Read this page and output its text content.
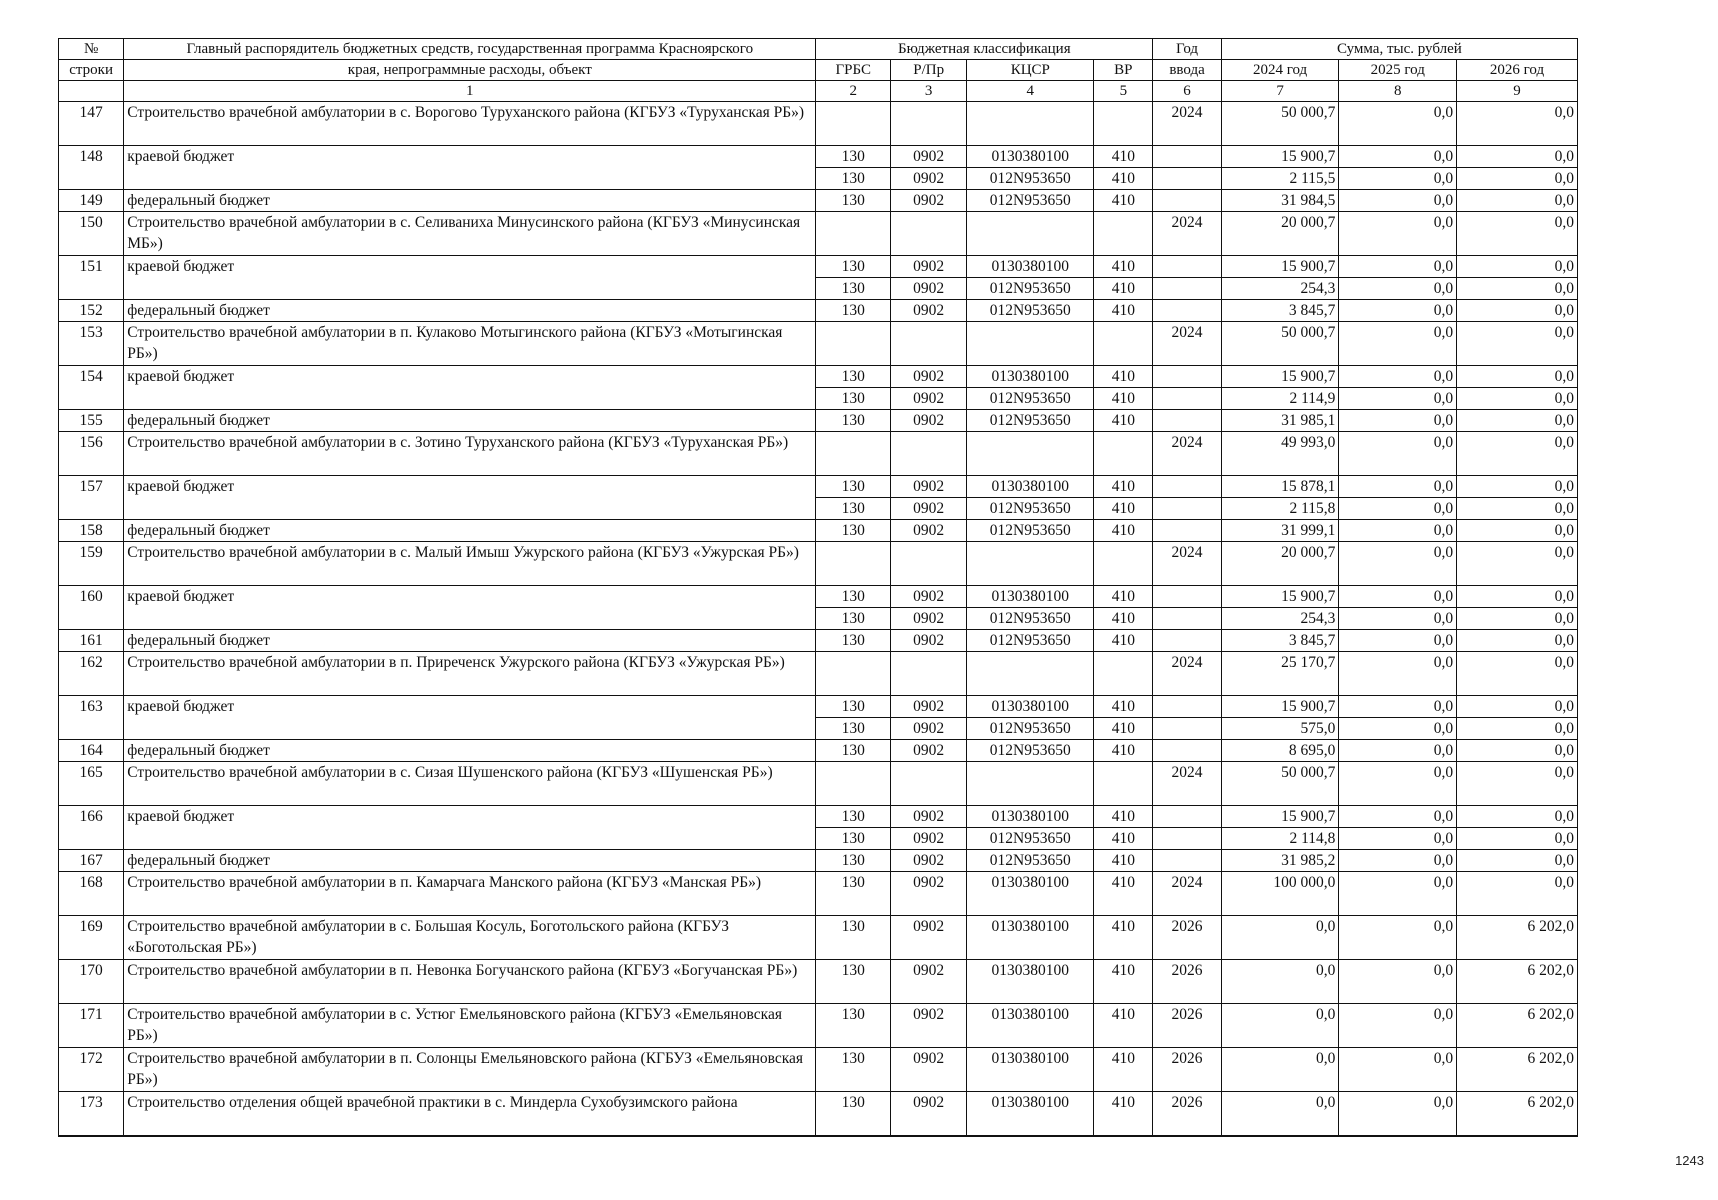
№	Главный распорядитель бюджетных средств, государственная программа Красноярского	Бюджетная классификация				Год	Сумма, тыс. рублей		
строки	края, непрограммные расходы, объект	ГРБС	Р/Пр	КЦСР	ВР	ввода	2024 год	2025 год	2026 год
	1	2	3	4	5	6	7	8	9
147	Строительство врачебной амбулатории в с. Ворогово Туруханского района (КГБУЗ «Туруханская РБ»)					2024	50 000,7	0,0	0,0
148	краевой бюджет	130	0902	0130380100	410		15 900,7	0,0	0,0
		130	0902	012N953650	410		2 115,5	0,0	0,0
149	федеральный бюджет	130	0902	012N953650	410		31 984,5	0,0	0,0
150	Строительство врачебной амбулатории в с. Селиваниха Минусинского района (КГБУЗ «Минусинская МБ»)					2024	20 000,7	0,0	0,0
151	краевой бюджет	130	0902	0130380100	410		15 900,7	0,0	0,0
		130	0902	012N953650	410		254,3	0,0	0,0
152	федеральный бюджет	130	0902	012N953650	410		3 845,7	0,0	0,0
153	Строительство врачебной амбулатории в п. Кулаково Мотыгинского района (КГБУЗ «Мотыгинская РБ»)					2024	50 000,7	0,0	0,0
154	краевой бюджет	130	0902	0130380100	410		15 900,7	0,0	0,0
		130	0902	012N953650	410		2 114,9	0,0	0,0
155	федеральный бюджет	130	0902	012N953650	410		31 985,1	0,0	0,0
156	Строительство врачебной амбулатории в с. Зотино Туруханского района (КГБУЗ «Туруханская РБ»)					2024	49 993,0	0,0	0,0
157	краевой бюджет	130	0902	0130380100	410		15 878,1	0,0	0,0
		130	0902	012N953650	410		2 115,8	0,0	0,0
158	федеральный бюджет	130	0902	012N953650	410		31 999,1	0,0	0,0
159	Строительство врачебной амбулатории в с. Малый Имыш Ужурского района (КГБУЗ «Ужурская РБ»)					2024	20 000,7	0,0	0,0
160	краевой бюджет	130	0902	0130380100	410		15 900,7	0,0	0,0
		130	0902	012N953650	410		254,3	0,0	0,0
161	федеральный бюджет	130	0902	012N953650	410		3 845,7	0,0	0,0
162	Строительство врачебной амбулатории в п. Приреченск Ужурского района (КГБУЗ «Ужурская РБ»)					2024	25 170,7	0,0	0,0
163	краевой бюджет	130	0902	0130380100	410		15 900,7	0,0	0,0
		130	0902	012N953650	410		575,0	0,0	0,0
164	федеральный бюджет	130	0902	012N953650	410		8 695,0	0,0	0,0
165	Строительство врачебной амбулатории в с. Сизая Шушенского района (КГБУЗ «Шушенская РБ»)					2024	50 000,7	0,0	0,0
166	краевой бюджет	130	0902	0130380100	410		15 900,7	0,0	0,0
		130	0902	012N953650	410		2 114,8	0,0	0,0
167	федеральный бюджет	130	0902	012N953650	410		31 985,2	0,0	0,0
168	Строительство врачебной амбулатории в п. Камарчага Манского района (КГБУЗ «Манская РБ»)	130	0902	0130380100	410	2024	100 000,0	0,0	0,0
169	Строительство врачебной амбулатории в с. Большая Косуль, Боготольского района (КГБУЗ «Боготольская РБ»)	130	0902	0130380100	410	2026	0,0	0,0	6 202,0
170	Строительство врачебной амбулатории в п. Невонка Богучанского района (КГБУЗ «Богучанская РБ»)	130	0902	0130380100	410	2026	0,0	0,0	6 202,0
171	Строительство врачебной амбулатории в с. Устюг Емельяновского района (КГБУЗ «Емельяновская РБ»)	130	0902	0130380100	410	2026	0,0	0,0	6 202,0
172	Строительство врачебной амбулатории в п. Солонцы Емельяновского района (КГБУЗ «Емельяновская РБ»)	130	0902	0130380100	410	2026	0,0	0,0	6 202,0
173	Строительство отделения общей врачебной практики в с. Миндерла Сухобузимского района	130	0902	0130380100	410	2026	0,0	0,0	6 202,0
1243
